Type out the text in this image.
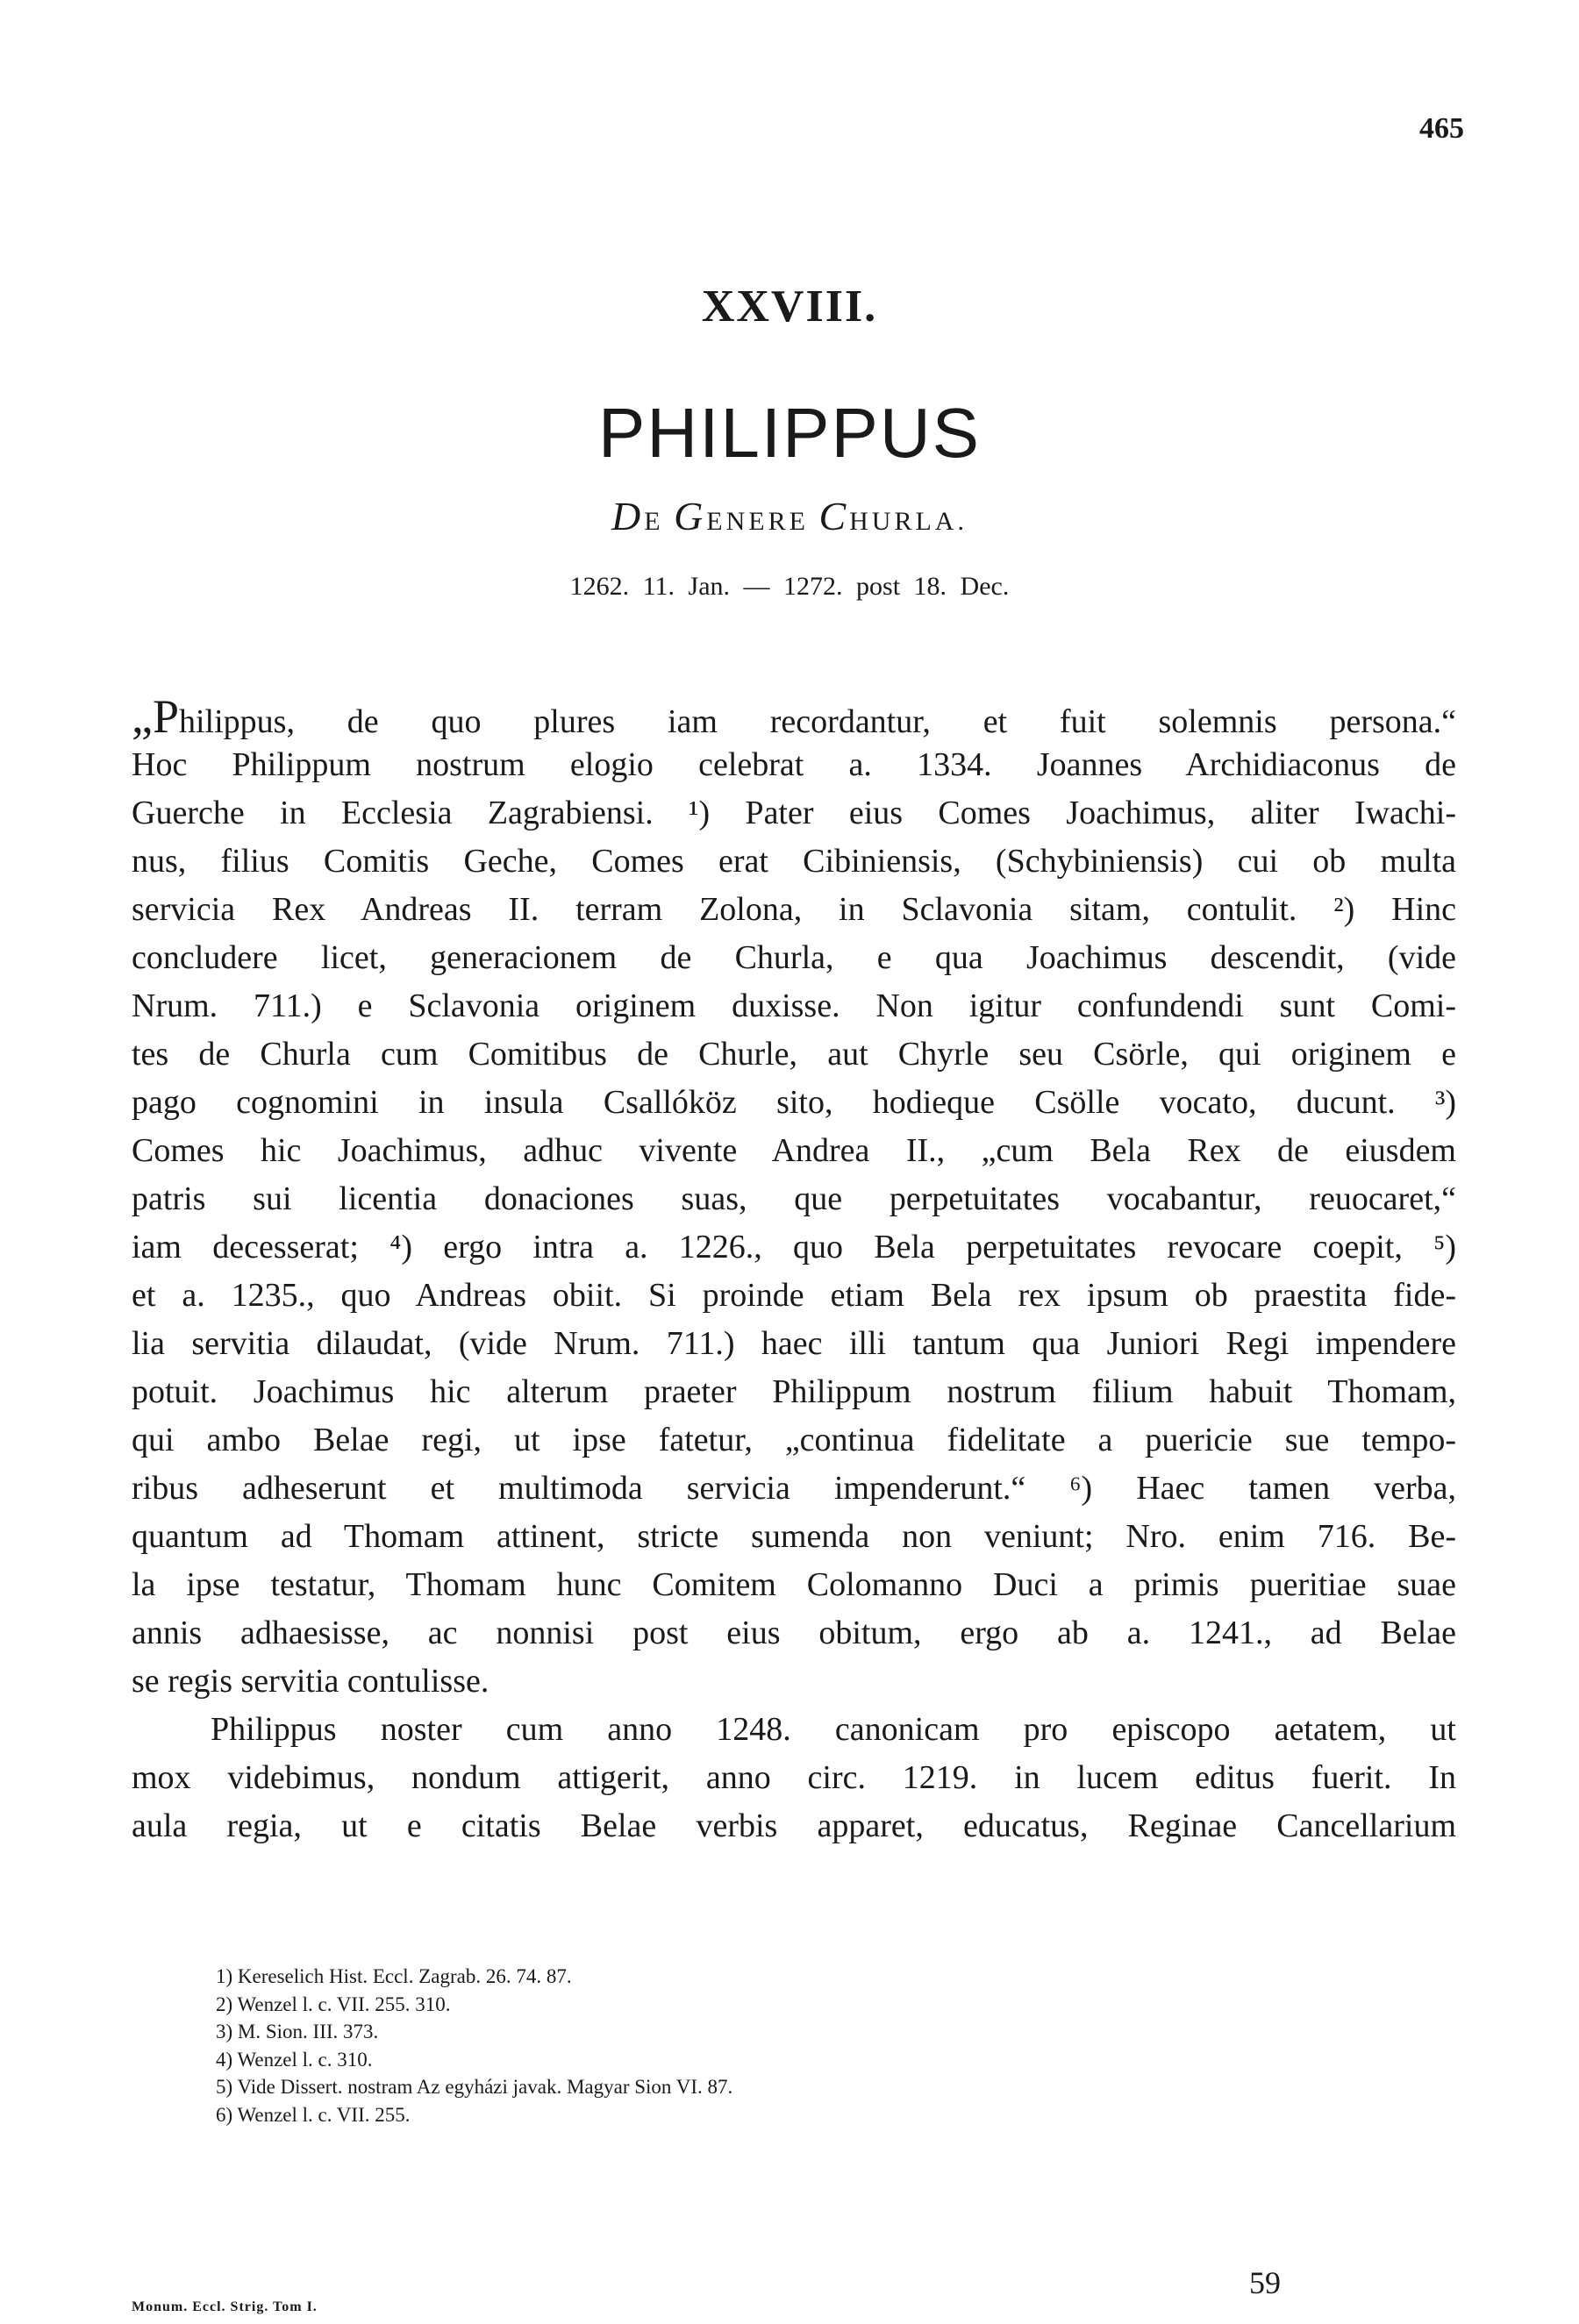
465
XXVIII.
PHILIPPUS
DE GENERE CHURLA.
1262. 11. Jan. — 1272. post 18. Dec.
„Philippus, de quo plures iam recordantur, et fuit solemnis persona.“
Hoc Philippum nostrum elogio celebrat a. 1334. Joannes Archidiaconus de
Guerche in Ecclesia Zagrabiensi. ¹) Pater eius Comes Joachimus, aliter Iwachi-
nus, filius Comitis Geche, Comes erat Cibiniensis, (Schybiniensis) cui ob multa
servicia Rex Andreas II. terram Zolona, in Sclavonia sitam, contulit. ²) Hinc
concludere licet, generacionem de Churla, e qua Joachimus descendit, (vide
Nrum. 711.) e Sclavonia originem duxisse. Non igitur confundendi sunt Comi-
tes de Churla cum Comitibus de Churle, aut Chyrle seu Csörle, qui originem e
pago cognomini in insula Csallóköz sito, hodieque Csölle vocato, ducunt. ³)
Comes hic Joachimus, adhuc vivente Andrea II., „cum Bela Rex de eiusdem
patris sui licentia donaciones suas, que perpetuitates vocabantur, reuocaret,“
iam decesserat; ⁴) ergo intra a. 1226., quo Bela perpetuitates revocare coepit, ⁵)
et a. 1235., quo Andreas obiit. Si proinde etiam Bela rex ipsum ob praestita fide-
lia servitia dilaudat, (vide Nrum. 711.) haec illi tantum qua Juniori Regi impendere
potuit. Joachimus hic alterum praeter Philippum nostrum filium habuit Thomam,
qui ambo Belae regi, ut ipse fatetur, „continua fidelitate a puericie sue tempo-
ribus adheserunt et multimoda servicia impenderunt.“ ⁶) Haec tamen verba,
quantum ad Thomam attinent, stricte sumenda non veniunt; Nro. enim 716. Be-
la ipse testatur, Thomam hunc Comitem Colomanno Duci a primis pueritiae suae
annis adhaesisse, ac nonnisi post eius obitum, ergo ab a. 1241., ad Belae
se regis servitia contulisse.
Philippus noster cum anno 1248. canonicam pro episcopo aetatem, ut
mox videbimus, nondum attigerit, anno circ. 1219. in lucem editus fuerit. In
aula regia, ut e citatis Belae verbis apparet, educatus, Reginae Cancellarium
1) Kereselich Hist. Eccl. Zagrab. 26. 74. 87.
2) Wenzel l. c. VII. 255. 310.
3) M. Sion. III. 373.
4) Wenzel l. c. 310.
5) Vide Dissert. nostram Az egyházi javak. Magyar Sion VI. 87.
6) Wenzel l. c. VII. 255.
Monum. Eccl. Strig. Tom I.
59
